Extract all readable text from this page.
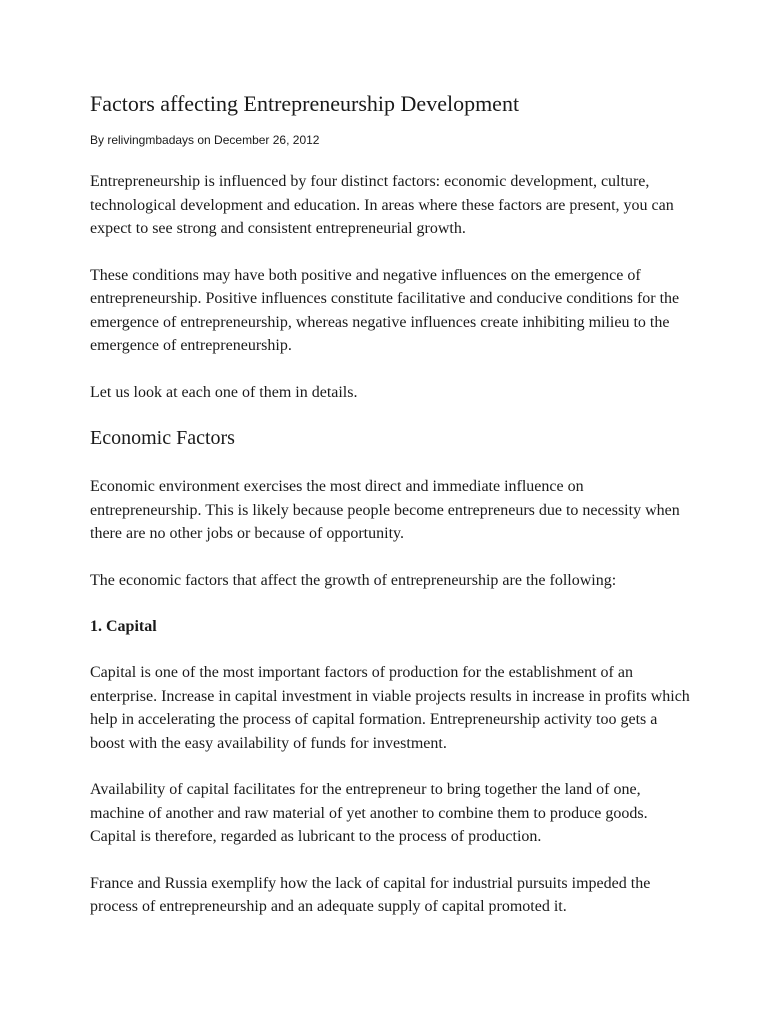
Factors affecting Entrepreneurship Development

By relivingmbadays on December 26, 2012

Entrepreneurship is influenced by four distinct factors: economic development, culture, technological development and education. In areas where these factors are present, you can expect to see strong and consistent entrepreneurial growth.

These conditions may have both positive and negative influences on the emergence of entrepreneurship. Positive influences constitute facilitative and conducive conditions for the emergence of entrepreneurship, whereas negative influences create inhibiting milieu to the emergence of entrepreneurship.

Let us look at each one of them in details.

Economic Factors

Economic environment exercises the most direct and immediate influence on entrepreneurship. This is likely because people become entrepreneurs due to necessity when there are no other jobs or because of opportunity.

The economic factors that affect the growth of entrepreneurship are the following:

1. Capital

Capital is one of the most important factors of production for the establishment of an enterprise. Increase in capital investment in viable projects results in increase in profits which help in accelerating the process of capital formation. Entrepreneurship activity too gets a boost with the easy availability of funds for investment.

Availability of capital facilitates for the entrepreneur to bring together the land of one, machine of another and raw material of yet another to combine them to produce goods. Capital is therefore, regarded as lubricant to the process of production.

France and Russia exemplify how the lack of capital for industrial pursuits impeded the process of entrepreneurship and an adequate supply of capital promoted it.
